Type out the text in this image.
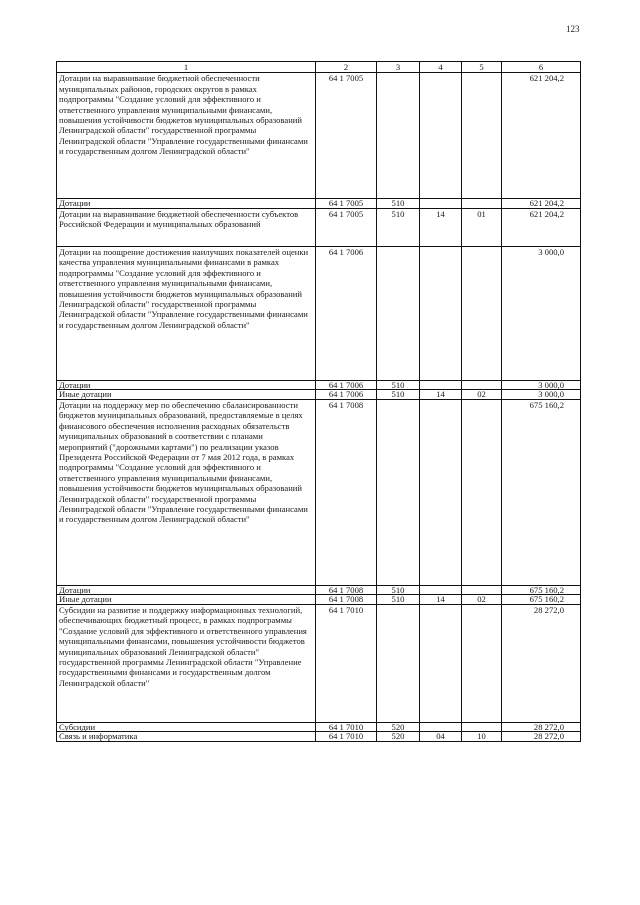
123
1	2	3	4	5	6
Дотации на выравнивание бюджетной обеспеченности муниципальных районов, городских округов в рамках подпрограммы "Создание условий для эффективного и ответственного управления муниципальными финансами, повышения устойчивости бюджетов муниципальных образований Ленинградской области" государственной программы Ленинградской области "Управление государственными финансами и государственным долгом Ленинградской области"	64 1 7005				621 204,2
Дотации	64 1 7005	510			621 204,2
Дотации на выравнивание бюджетной обеспеченности субъектов Российской Федерации и муниципальных образований	64 1 7005	510	14	01	621 204,2
Дотации на поощрение достижения наилучших показателей оценки качества управления муниципальными финансами в рамках подпрограммы "Создание условий для эффективного и ответственного управления муниципальными финансами, повышения устойчивости бюджетов муниципальных образований Ленинградской области" государственной программы Ленинградской области "Управление государственными финансами и государственным долгом Ленинградской области"	64 1 7006				3 000,0
Дотации	64 1 7006	510			3 000,0
Иные дотации	64 1 7006	510	14	02	3 000,0
Дотации на поддержку мер по обеспечению сбалансированности бюджетов муниципальных образований, предоставляемые в целях финансового обеспечения исполнения расходных обязательств муниципальных образований в соответствии с планами мероприятий ("дорожными картами") по реализации указов Президента Российской Федерации от 7 мая 2012 года, в рамках подпрограммы "Создание условий для эффективного и ответственного управления муниципальными финансами, повышения устойчивости бюджетов муниципальных образований Ленинградской области" государственной программы Ленинградской области "Управление государственными финансами и государственным долгом Ленинградской области"	64 1 7008				675 160,2
Дотации	64 1 7008	510			675 160,2
Иные дотации	64 1 7008	510	14	02	675 160,2
Субсидии на развитие и поддержку информационных технологий, обеспечивающих бюджетный процесс, в рамках подпрограммы "Создание условий для эффективного и ответственного управления муниципальными финансами, повышения устойчивости бюджетов муниципальных образований Ленинградской области" государственной программы Ленинградской области "Управление государственными финансами и государственным долгом Ленинградской области"	64 1 7010				28 272,0
Субсидии	64 1 7010	520			28 272,0
Связь и информатика	64 1 7010	520	04	10	28 272,0
